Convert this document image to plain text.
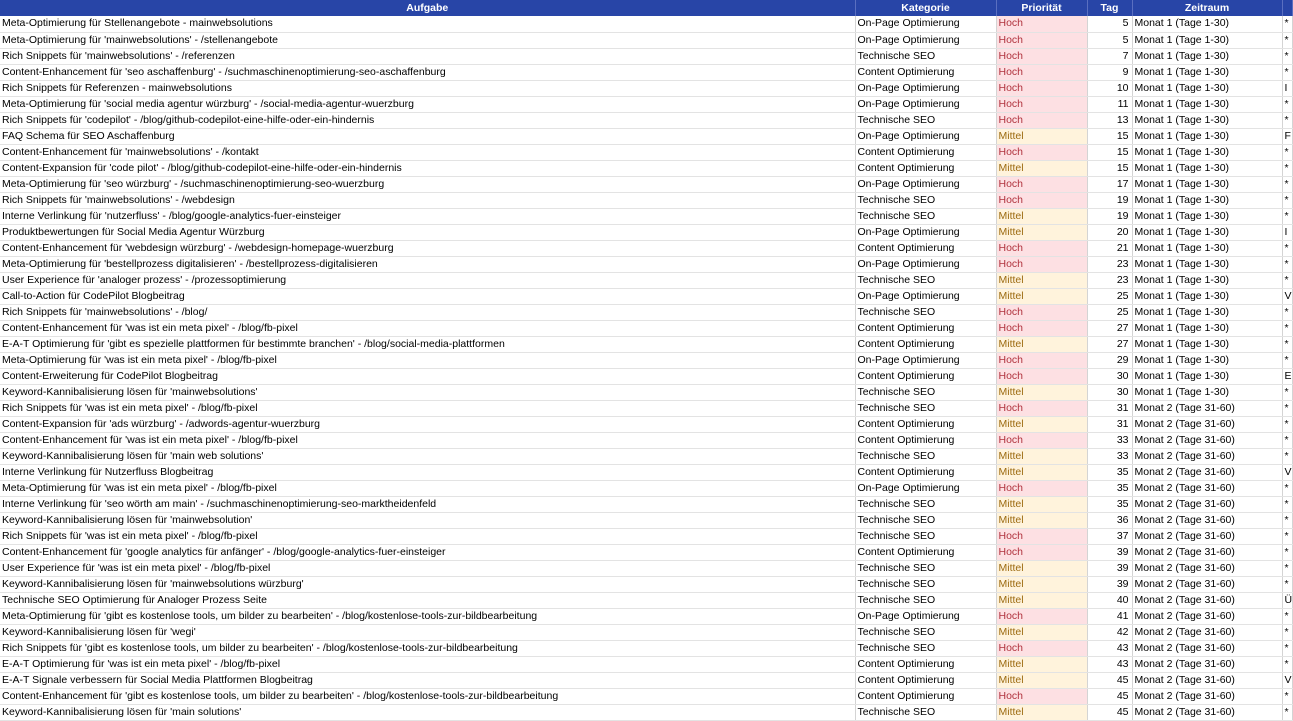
Aufgabe	Kategorie	Priorität	Tag	Zeitraum	
Meta-Optimierung für Stellenangebote - mainwebsolutions	On-Page Optimierung	Hoch	5	Monat 1 (Tage 1-30)	*
Meta-Optimierung für 'mainwebsolutions' - /stellenangebote	On-Page Optimierung	Hoch	5	Monat 1 (Tage 1-30)	*
Rich Snippets für 'mainwebsolutions' - /referenzen	Technische SEO	Hoch	7	Monat 1 (Tage 1-30)	*
Content-Enhancement für 'seo aschaffenburg' - /suchmaschinenoptimierung-seo-aschaffenburg	Content Optimierung	Hoch	9	Monat 1 (Tage 1-30)	*
Rich Snippets für Referenzen - mainwebsolutions	On-Page Optimierung	Hoch	10	Monat 1 (Tage 1-30)	I
Meta-Optimierung für 'social media agentur würzburg' - /social-media-agentur-wuerzburg	On-Page Optimierung	Hoch	11	Monat 1 (Tage 1-30)	*
Rich Snippets für 'codepilot' - /blog/github-codepilot-eine-hilfe-oder-ein-hindernis	Technische SEO	Hoch	13	Monat 1 (Tage 1-30)	*
FAQ Schema für SEO Aschaffenburg	On-Page Optimierung	Mittel	15	Monat 1 (Tage 1-30)	F
Content-Enhancement für 'mainwebsolutions' - /kontakt	Content Optimierung	Hoch	15	Monat 1 (Tage 1-30)	*
Content-Expansion für 'code pilot' - /blog/github-codepilot-eine-hilfe-oder-ein-hindernis	Content Optimierung	Mittel	15	Monat 1 (Tage 1-30)	*
Meta-Optimierung für 'seo würzburg' - /suchmaschinenoptimierung-seo-wuerzburg	On-Page Optimierung	Hoch	17	Monat 1 (Tage 1-30)	*
Rich Snippets für 'mainwebsolutions' - /webdesign	Technische SEO	Hoch	19	Monat 1 (Tage 1-30)	*
Interne Verlinkung für 'nutzerfluss' - /blog/google-analytics-fuer-einsteiger	Technische SEO	Mittel	19	Monat 1 (Tage 1-30)	*
Produktbewertungen für Social Media Agentur Würzburg	On-Page Optimierung	Mittel	20	Monat 1 (Tage 1-30)	I
Content-Enhancement für 'webdesign würzburg' - /webdesign-homepage-wuerzburg	Content Optimierung	Hoch	21	Monat 1 (Tage 1-30)	*
Meta-Optimierung für 'bestellprozess digitalisieren' - /bestellprozess-digitalisieren	On-Page Optimierung	Hoch	23	Monat 1 (Tage 1-30)	*
User Experience für 'analoger prozess' - /prozessoptimierung	Technische SEO	Mittel	23	Monat 1 (Tage 1-30)	*
Call-to-Action für CodePilot Blogbeitrag	On-Page Optimierung	Mittel	25	Monat 1 (Tage 1-30)	V
Rich Snippets für 'mainwebsolutions' - /blog/	Technische SEO	Hoch	25	Monat 1 (Tage 1-30)	*
Content-Enhancement für 'was ist ein meta pixel' - /blog/fb-pixel	Content Optimierung	Hoch	27	Monat 1 (Tage 1-30)	*
E-A-T Optimierung für 'gibt es spezielle plattformen für bestimmte branchen' - /blog/social-media-plattformen	Content Optimierung	Mittel	27	Monat 1 (Tage 1-30)	*
Meta-Optimierung für 'was ist ein meta pixel' - /blog/fb-pixel	On-Page Optimierung	Hoch	29	Monat 1 (Tage 1-30)	*
Content-Erweiterung für CodePilot Blogbeitrag	Content Optimierung	Hoch	30	Monat 1 (Tage 1-30)	E
Keyword-Kannibalisierung lösen für 'mainwebsolutions'	Technische SEO	Mittel	30	Monat 1 (Tage 1-30)	*
Rich Snippets für 'was ist ein meta pixel' - /blog/fb-pixel	Technische SEO	Hoch	31	Monat 2 (Tage 31-60)	*
Content-Expansion für 'ads würzburg' - /adwords-agentur-wuerzburg	Content Optimierung	Mittel	31	Monat 2 (Tage 31-60)	*
Content-Enhancement für 'was ist ein meta pixel' - /blog/fb-pixel	Content Optimierung	Hoch	33	Monat 2 (Tage 31-60)	*
Keyword-Kannibalisierung lösen für 'main web solutions'	Technische SEO	Mittel	33	Monat 2 (Tage 31-60)	*
Interne Verlinkung für Nutzerfluss Blogbeitrag	Content Optimierung	Mittel	35	Monat 2 (Tage 31-60)	V
Meta-Optimierung für 'was ist ein meta pixel' - /blog/fb-pixel	On-Page Optimierung	Hoch	35	Monat 2 (Tage 31-60)	*
Interne Verlinkung für 'seo wörth am main' - /suchmaschinenoptimierung-seo-marktheidenfeld	Technische SEO	Mittel	35	Monat 2 (Tage 31-60)	*
Keyword-Kannibalisierung lösen für 'mainwebsolution'	Technische SEO	Mittel	36	Monat 2 (Tage 31-60)	*
Rich Snippets für 'was ist ein meta pixel' - /blog/fb-pixel	Technische SEO	Hoch	37	Monat 2 (Tage 31-60)	*
Content-Enhancement für 'google analytics für anfänger' - /blog/google-analytics-fuer-einsteiger	Content Optimierung	Hoch	39	Monat 2 (Tage 31-60)	*
User Experience für 'was ist ein meta pixel' - /blog/fb-pixel	Technische SEO	Mittel	39	Monat 2 (Tage 31-60)	*
Keyword-Kannibalisierung lösen für 'mainwebsolutions würzburg'	Technische SEO	Mittel	39	Monat 2 (Tage 31-60)	*
Technische SEO Optimierung für Analoger Prozess Seite	Technische SEO	Mittel	40	Monat 2 (Tage 31-60)	Ü
Meta-Optimierung für 'gibt es kostenlose tools, um bilder zu bearbeiten' - /blog/kostenlose-tools-zur-bildbearbeitung	On-Page Optimierung	Hoch	41	Monat 2 (Tage 31-60)	*
Keyword-Kannibalisierung lösen für 'wegi'	Technische SEO	Mittel	42	Monat 2 (Tage 31-60)	*
Rich Snippets für 'gibt es kostenlose tools, um bilder zu bearbeiten' - /blog/kostenlose-tools-zur-bildbearbeitung	Technische SEO	Hoch	43	Monat 2 (Tage 31-60)	*
E-A-T Optimierung für 'was ist ein meta pixel' - /blog/fb-pixel	Content Optimierung	Mittel	43	Monat 2 (Tage 31-60)	*
E-A-T Signale verbessern für Social Media Plattformen Blogbeitrag	Content Optimierung	Mittel	45	Monat 2 (Tage 31-60)	V
Content-Enhancement für 'gibt es kostenlose tools, um bilder zu bearbeiten' - /blog/kostenlose-tools-zur-bildbearbeitung	Content Optimierung	Hoch	45	Monat 2 (Tage 31-60)	*
Keyword-Kannibalisierung lösen für 'main solutions'	Technische SEO	Mittel	45	Monat 2 (Tage 31-60)	*
